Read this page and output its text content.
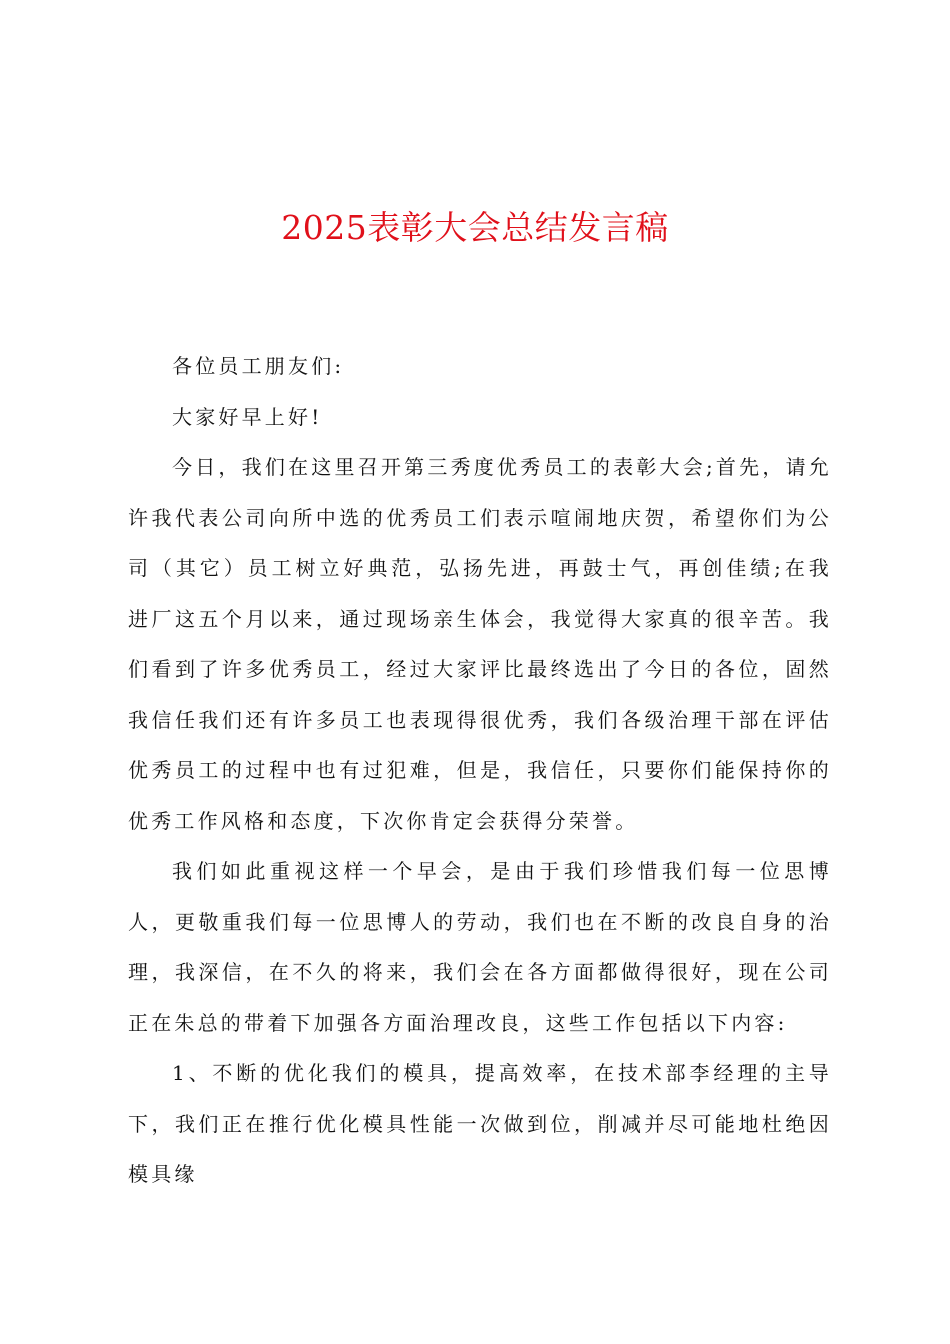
2025表彰大会总结发言稿

各位员工朋友们:

大家好早上好!

今日，我们在这里召开第三秀度优秀员工的表彰大会;首先，请允许我代表公司向所中选的优秀员工们表示喧闹地庆贺，希望你们为公司（其它）员工树立好典范，弘扬先进，再鼓士气，再创佳绩;在我进厂这五个月以来，通过现场亲生体会，我觉得大家真的很辛苦。我们看到了许多优秀员工，经过大家评比最终选出了今日的各位，固然我信任我们还有许多员工也表现得很优秀，我们各级治理干部在评估优秀员工的过程中也有过犯难，但是，我信任，只要你们能保持你的优秀工作风格和态度，下次你肯定会获得分荣誉。

我们如此重视这样一个早会，是由于我们珍惜我们每一位思博人，更敬重我们每一位思博人的劳动，我们也在不断的改良自身的治理，我深信，在不久的将来，我们会在各方面都做得很好，现在公司正在朱总的带着下加强各方面治理改良，这些工作包括以下内容:

1、不断的优化我们的模具，提高效率，在技术部李经理的主导下，我们正在推行优化模具性能一次做到位，削减并尽可能地杜绝因模具缘
